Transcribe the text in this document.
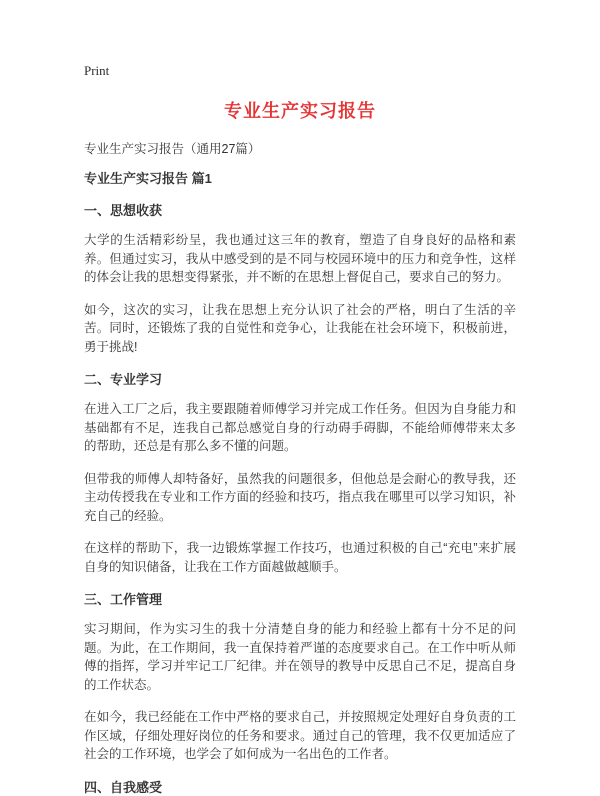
Print
专业生产实习报告
专业生产实习报告（通用27篇）
专业生产实习报告 篇1
一、思想收获

大学的生活精彩纷呈，我也通过这三年的教育，塑造了自身良好的品格和素养。但通过实习，我从中感受到的是不同与校园环境中的压力和竞争性，这样的体会让我的思想变得紧张，并不断的在思想上督促自己，要求自己的努力。

如今，这次的实习，让我在思想上充分认识了社会的严格，明白了生活的辛苦。同时，还锻炼了我的自觉性和竞争心，让我能在社会环境下，积极前进，勇于挑战!

二、专业学习

在进入工厂之后，我主要跟随着师傅学习并完成工作任务。但因为自身能力和基础都有不足，连我自己都总感觉自身的行动碍手碍脚，不能给师傅带来太多的帮助，还总是有那么多不懂的问题。

但带我的师傅人却特备好，虽然我的问题很多，但他总是会耐心的教导我，还主动传授我在专业和工作方面的经验和技巧，指点我在哪里可以学习知识，补充自己的经验。

在这样的帮助下，我一边锻炼掌握工作技巧，也通过积极的自己“充电”来扩展自身的知识储备，让我在工作方面越做越顺手。

三、工作管理

实习期间，作为实习生的我十分清楚自身的能力和经验上都有十分不足的问题。为此，在工作期间，我一直保持着严谨的态度要求自己。在工作中听从师傅的指挥，学习并牢记工厂纪律。并在领导的教导中反思自己不足，提高自身的工作状态。

在如今，我已经能在工作中严格的要求自己，并按照规定处理好自身负责的工作区域，仔细处理好岗位的任务和要求。通过自己的管理，我不仅更加适应了社会的工作环境，也学会了如何成为一名出色的工作者。

四、自我感受
